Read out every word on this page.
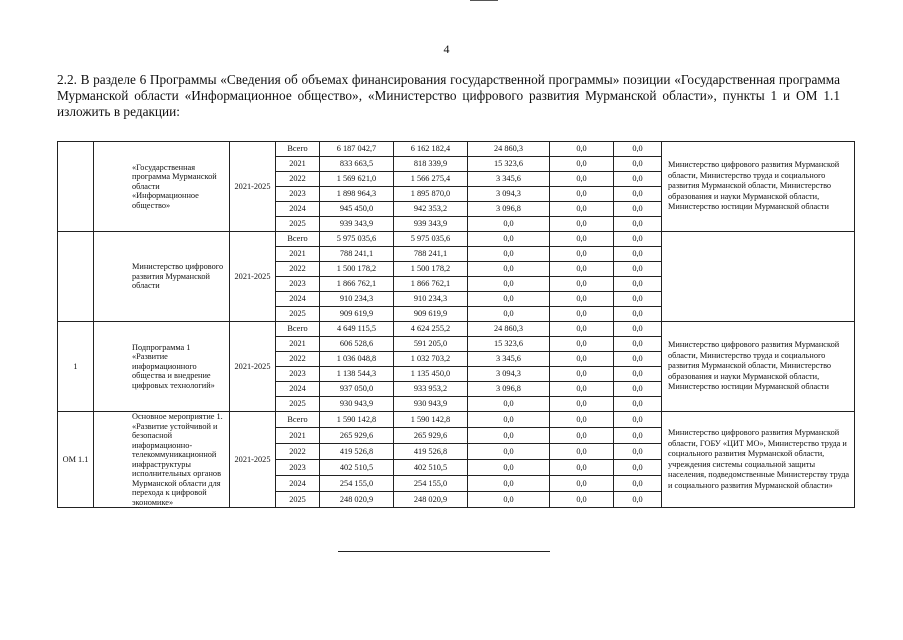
4

2.2. В разделе 6 Программы «Сведения об объемах финансирования государственной программы» позиции «Государственная программа Мурманской области «Информационное общество», «Министерство цифрового развития Мурманской области», пункты 1 и ОМ 1.1 изложить в редакции:

	«Государственная программа Мурманской области «Информационное общество»	2021-2025	Всего	6 187 042,7	6 162 182,4	24 860,3	0,0	0,0	Министерство цифрового развития Мурманской области, Министерство труда и социального развития Мурманской области, Министерство образования и науки Мурманской области, Министерство юстиции Мурманской области
			2021	833 663,5	818 339,9	15 323,6	0,0	0,0	
			2022	1 569 621,0	1 566 275,4	3 345,6	0,0	0,0	
			2023	1 898 964,3	1 895 870,0	3 094,3	0,0	0,0	
			2024	945 450,0	942 353,2	3 096,8	0,0	0,0	
			2025	939 343,9	939 343,9	0,0	0,0	0,0	
	Министерство цифрового развития Мурманской области	2021-2025	Всего	5 975 035,6	5 975 035,6	0,0	0,0	0,0	
			2021	788 241,1	788 241,1	0,0	0,0	0,0	
			2022	1 500 178,2	1 500 178,2	0,0	0,0	0,0	
			2023	1 866 762,1	1 866 762,1	0,0	0,0	0,0	
			2024	910 234,3	910 234,3	0,0	0,0	0,0	
			2025	909 619,9	909 619,9	0,0	0,0	0,0	
1	Подпрограмма 1 «Развитие информационного общества и внедрение цифровых технологий»	2021-2025	Всего	4 649 115,5	4 624 255,2	24 860,3	0,0	0,0	Министерство цифрового развития Мурманской области, Министерство труда и социального развития Мурманской области, Министерство образования и науки Мурманской области, Министерство юстиции Мурманской области
			2021	606 528,6	591 205,0	15 323,6	0,0	0,0	
			2022	1 036 048,8	1 032 703,2	3 345,6	0,0	0,0	
			2023	1 138 544,3	1 135 450,0	3 094,3	0,0	0,0	
			2024	937 050,0	933 953,2	3 096,8	0,0	0,0	
			2025	930 943,9	930 943,9	0,0	0,0	0,0	
ОМ 1.1	Основное мероприятие 1. «Развитие устойчивой и безопасной информационно-телекоммуникационной инфраструктуры исполнительных органов Мурманской области для перехода к цифровой экономике»	2021-2025	Всего	1 590 142,8	1 590 142,8	0,0	0,0	0,0	Министерство цифрового развития Мурманской области, ГОБУ «ЦИТ МО», Министерство труда и социального развития Мурманской области, учреждения системы социальной защиты населения, подведомственные Министерству труда и социального развития Мурманской области»
			2021	265 929,6	265 929,6	0,0	0,0	0,0	
			2022	419 526,8	419 526,8	0,0	0,0	0,0	
			2023	402 510,5	402 510,5	0,0	0,0	0,0	
			2024	254 155,0	254 155,0	0,0	0,0	0,0	
			2025	248 020,9	248 020,9	0,0	0,0	0,0	
